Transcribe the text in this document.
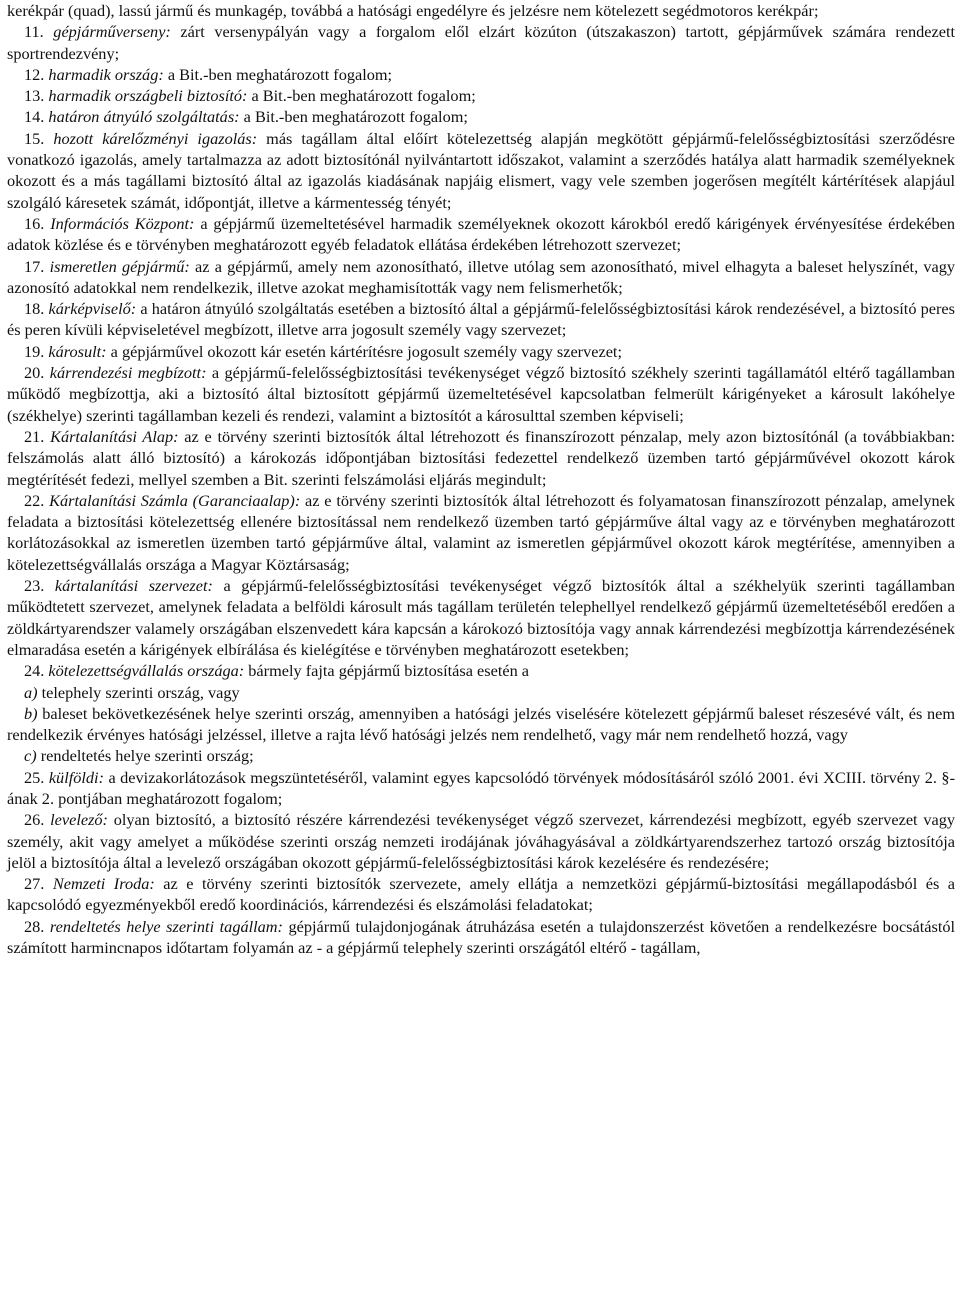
kerékpár (quad), lassú jármű és munkagép, továbbá a hatósági engedélyre és jelzésre nem kötelezett segédmotoros kerékpár;

11. gépjárműverseny: zárt versenypályán vagy a forgalom elől elzárt közúton (útszakaszon) tartott, gépjárművek számára rendezett sportrendezvény;

12. harmadik ország: a Bit.-ben meghatározott fogalom;

13. harmadik országbeli biztosító: a Bit.-ben meghatározott fogalom;

14. határon átnyúló szolgáltatás: a Bit.-ben meghatározott fogalom;

15. hozott kárelőzményi igazolás: más tagállam által előírt kötelezettség alapján megkötött gépjármű-felelősségbiztosítási szerződésre vonatkozó igazolás, amely tartalmazza az adott biztosítónál nyilvántartott időszakot, valamint a szerződés hatálya alatt harmadik személyeknek okozott és a más tagállami biztosító által az igazolás kiadásának napjáig elismert, vagy vele szemben jogerősen megítélt kártérítések alapjául szolgáló káresetek számát, időpontját, illetve a kármentesség tényét;

16. Információs Központ: a gépjármű üzemeltetésével harmadik személyeknek okozott károkból eredő kárigények érvényesítése érdekében adatok közlése és e törvényben meghatározott egyéb feladatok ellátása érdekében létrehozott szervezet;

17. ismeretlen gépjármű: az a gépjármű, amely nem azonosítható, illetve utólag sem azonosítható, mivel elhagyta a baleset helyszínét, vagy azonosító adatokkal nem rendelkezik, illetve azokat meghamisították vagy nem felismerhetők;

18. kárképviselő: a határon átnyúló szolgáltatás esetében a biztosító által a gépjármű-felelősségbiztosítási károk rendezésével, a biztosító peres és peren kívüli képviseletével megbízott, illetve arra jogosult személy vagy szervezet;

19. károsult: a gépjárművel okozott kár esetén kártérítésre jogosult személy vagy szervezet;

20. kárrendezési megbízott: a gépjármű-felelősségbiztosítási tevékenységet végző biztosító székhely szerinti tagállamától eltérő tagállamban működő megbízottja, aki a biztosító által biztosított gépjármű üzemeltetésével kapcsolatban felmerült kárigényeket a károsult lakóhelye (székhelye) szerinti tagállamban kezeli és rendezi, valamint a biztosítót a károsulttal szemben képviseli;

21. Kártalanítási Alap: az e törvény szerinti biztosítók által létrehozott és finanszírozott pénzalap, mely azon biztosítónál (a továbbiakban: felszámolás alatt álló biztosító) a károkozás időpontjában biztosítási fedezettel rendelkező üzemben tartó gépjárművével okozott károk megtérítését fedezi, mellyel szemben a Bit. szerinti felszámolási eljárás megindult;

22. Kártalanítási Számla (Garanciaalap): az e törvény szerinti biztosítók által létrehozott és folyamatosan finanszírozott pénzalap, amelynek feladata a biztosítási kötelezettség ellenére biztosítással nem rendelkező üzemben tartó gépjárműve által vagy az e törvényben meghatározott korlátozásokkal az ismeretlen üzemben tartó gépjárműve által, valamint az ismeretlen gépjárművel okozott károk megtérítése, amennyiben a kötelezettségvállalás országa a Magyar Köztársaság;

23. kártalanítási szervezet: a gépjármű-felelősségbiztosítási tevékenységet végző biztosítók által a székhelyük szerinti tagállamban működtetett szervezet, amelynek feladata a belföldi károsult más tagállam területén telephellyel rendelkező gépjármű üzemeltetéséből eredően a zöldkártyarendszer valamely országában elszenvedett kára kapcsán a károkozó biztosítója vagy annak kárrendezési megbízottja kárrendezésének elmaradása esetén a kárigények elbírálása és kielégítése e törvényben meghatározott esetekben;

24. kötelezettségvállalás országa: bármely fajta gépjármű biztosítása esetén a

a) telephely szerinti ország, vagy

b) baleset bekövetkezésének helye szerinti ország, amennyiben a hatósági jelzés viselésére kötelezett gépjármű baleset részesévé vált, és nem rendelkezik érvényes hatósági jelzéssel, illetve a rajta lévő hatósági jelzés nem rendelhető, vagy már nem rendelhető hozzá, vagy

c) rendeltetés helye szerinti ország;

25. külföldi: a devizakorlátozások megszüntetéséről, valamint egyes kapcsolódó törvények módosításáról szóló 2001. évi XCIII. törvény 2. §-ának 2. pontjában meghatározott fogalom;

26. levelező: olyan biztosító, a biztosító részére kárrendezési tevékenységet végző szervezet, kárrendezési megbízott, egyéb szervezet vagy személy, akit vagy amelyet a működése szerinti ország nemzeti irodájának jóváhagyásával a zöldkártyarendszerhez tartozó ország biztosítója jelöl a biztosítója által a levelező országában okozott gépjármű-felelősségbiztosítási károk kezelésére és rendezésére;

27. Nemzeti Iroda: az e törvény szerinti biztosítók szervezete, amely ellátja a nemzetközi gépjármű-biztosítási megállapodásból és a kapcsolódó egyezményekből eredő koordinációs, kárrendezési és elszámolási feladatokat;

28. rendeltetés helye szerinti tagállam: gépjármű tulajdonjogának átruházása esetén a tulajdonszerzést követően a rendelkezésre bocsátástól számított harmincnapos időtartam folyamán az - a gépjármű telephely szerinti országától eltérő - tagállam,
